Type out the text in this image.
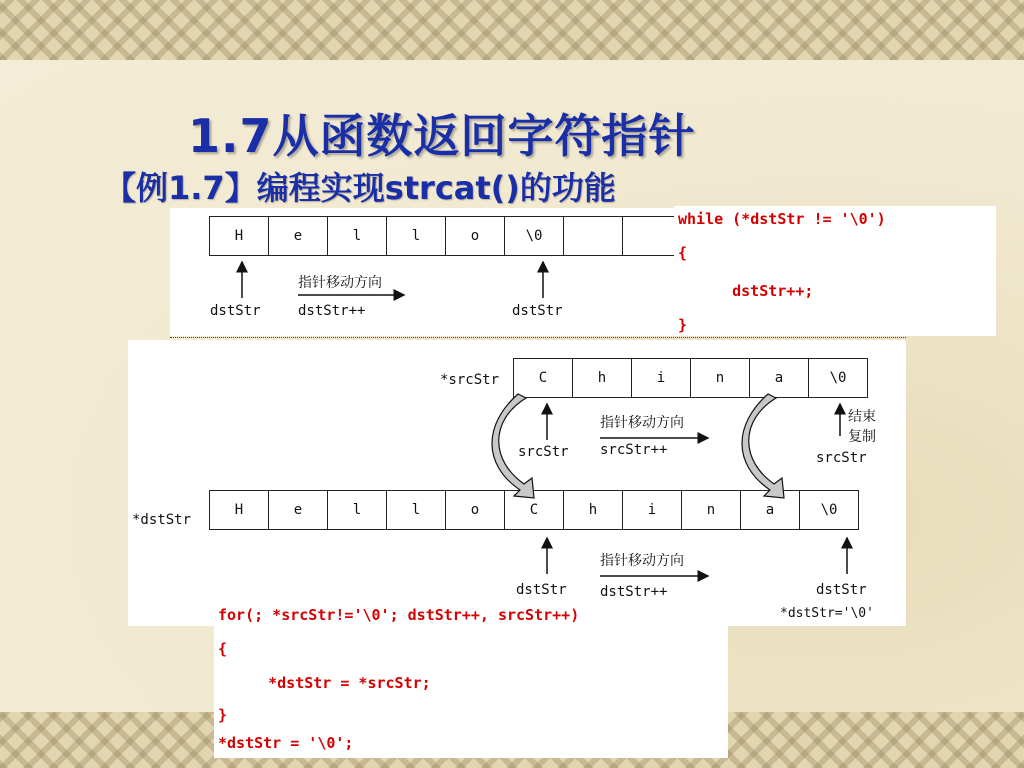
1.7从函数返回字符指针
【例1.7】编程实现strcat()的功能
H	e	l	l	o	\0
dstStr
指针移动方向
dstStr++	dstStr
while (*dstStr != '\0')
{
dstStr++;
}
*srcStr	C	h	i	n	a	\0
*dstStr
H	e	l	l	o	C	h	i	n	a	\0
srcStr
指针移动方向
srcStr++
结束
复制
srcStr
dstStr
指针移动方向
dstStr++	dstStr
*dstStr='\0'
for(; *srcStr!='\0'; dstStr++, srcStr++)
{
*dstStr = *srcStr;
}
*dstStr = '\0';
